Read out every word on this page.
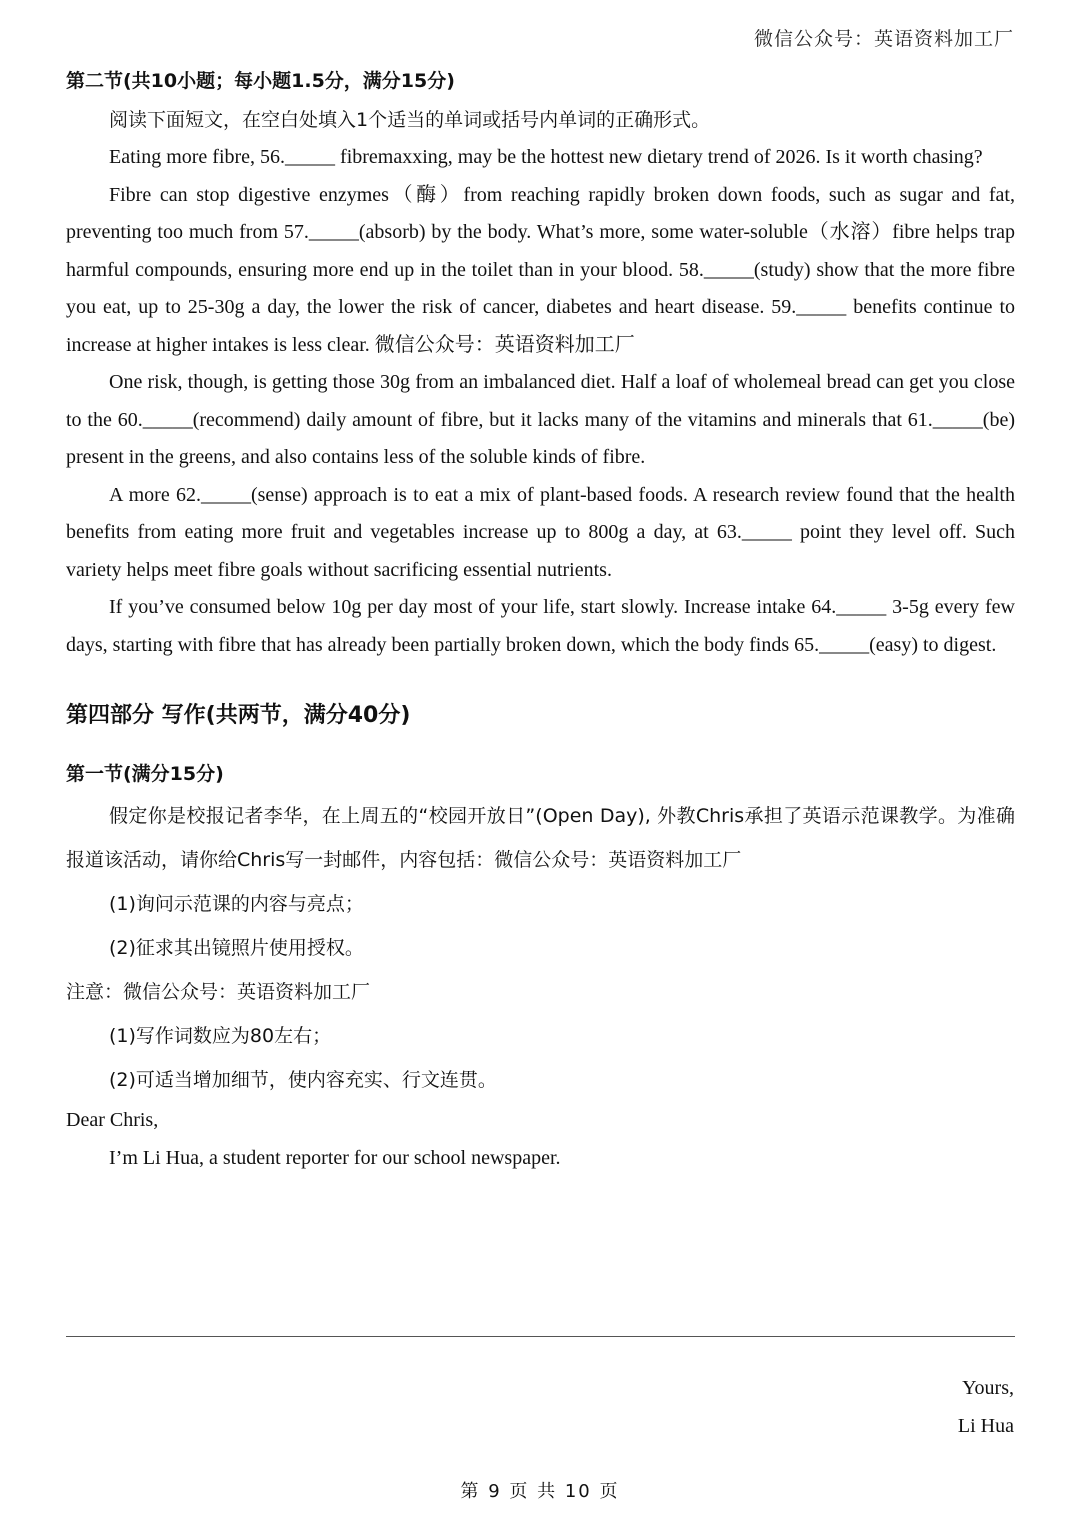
微信公众号：英语资料加工厂
第二节(共10小题；每小题1.5分，满分15分)

阅读下面短文，在空白处填入1个适当的单词或括号内单词的正确形式。

Eating more fibre, 56._____ fibremaxxing, may be the hottest new dietary trend of 2026. Is it worth chasing?

Fibre can stop digestive enzymes（酶）from reaching rapidly broken down foods, such as sugar and fat, preventing too much from 57._____(absorb) by the body. What’s more, some water-soluble（水溶）fibre helps trap harmful compounds, ensuring more end up in the toilet than in your blood. 58._____(study) show that the more fibre you eat, up to 25-30g a day, the lower the risk of cancer, diabetes and heart disease. 59._____ benefits continue to increase at higher intakes is less clear. 微信公众号：英语资料加工厂

One risk, though, is getting those 30g from an imbalanced diet. Half a loaf of wholemeal bread can get you close to the 60._____(recommend) daily amount of fibre, but it lacks many of the vitamins and minerals that 61._____(be) present in the greens, and also contains less of the soluble kinds of fibre.

A more 62._____(sense) approach is to eat a mix of plant-based foods. A research review found that the health benefits from eating more fruit and vegetables increase up to 800g a day, at 63._____ point they level off. Such variety helps meet fibre goals without sacrificing essential nutrients.

If you’ve consumed below 10g per day most of your life, start slowly. Increase intake 64._____ 3-5g every few days, starting with fibre that has already been partially broken down, which the body finds 65._____(easy) to digest.

第四部分 写作(共两节，满分40分)
第一节(满分15分)

假定你是校报记者李华，在上周五的“校园开放日”(Open Day), 外教Chris承担了英语示范课教学。为准确报道该活动，请你给Chris写一封邮件，内容包括：微信公众号：英语资料加工厂

(1)询问示范课的内容与亮点；

(2)征求其出镜照片使用授权。

注意：微信公众号：英语资料加工厂

(1)写作词数应为80左右；

(2)可适当增加细节，使内容充实、行文连贯。

Dear Chris,

I’m Li Hua, a student reporter for our school newspaper.

Yours,
Li Hua
第 9 页 共 10 页
